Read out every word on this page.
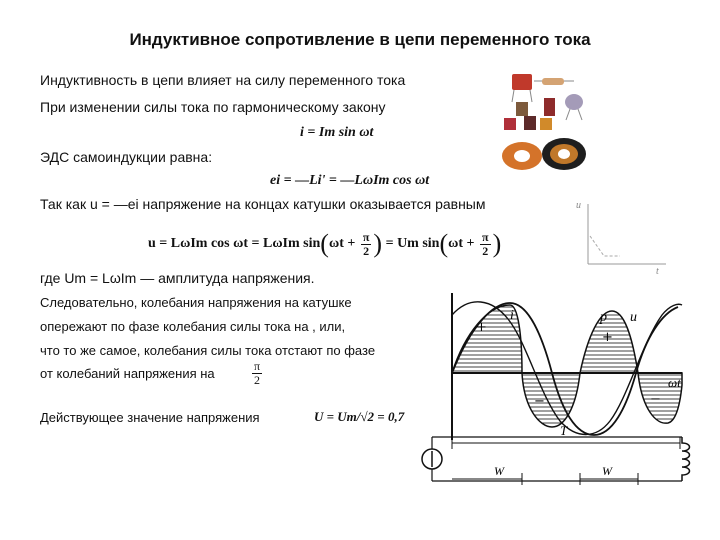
Индуктивное сопротивление в цепи переменного тока
Индуктивность в цепи влияет на силу переменного тока
При изменении силы тока по гармоническому закону
i = Im sin ωt
ЭДС самоиндукции равна:
ei = —Li' = —LωIm cos ωt
Так как u = —ei напряжение на концах катушки оказывается равным	u
t
u = LωIm cos ωt = LωIm $\sin(\omega t + \frac{\pi}{2}$ ) = Um $\sin(\omega t + \frac{\pi}{2}$ )
где Um = LωIm — амплитуда напряжения.
Следовательно, колебания напряжения на катушке
опережают по фазе колебания силы тока на , или,
что то же самое, колебания силы тока отстают по фазе
от колебаний напряжения на	$\frac{\pi}{2}$
Действующее значение напряжения	U = Um/√2 = 0,7
+
−
+
−
i	p u
ωt
T
W	W
